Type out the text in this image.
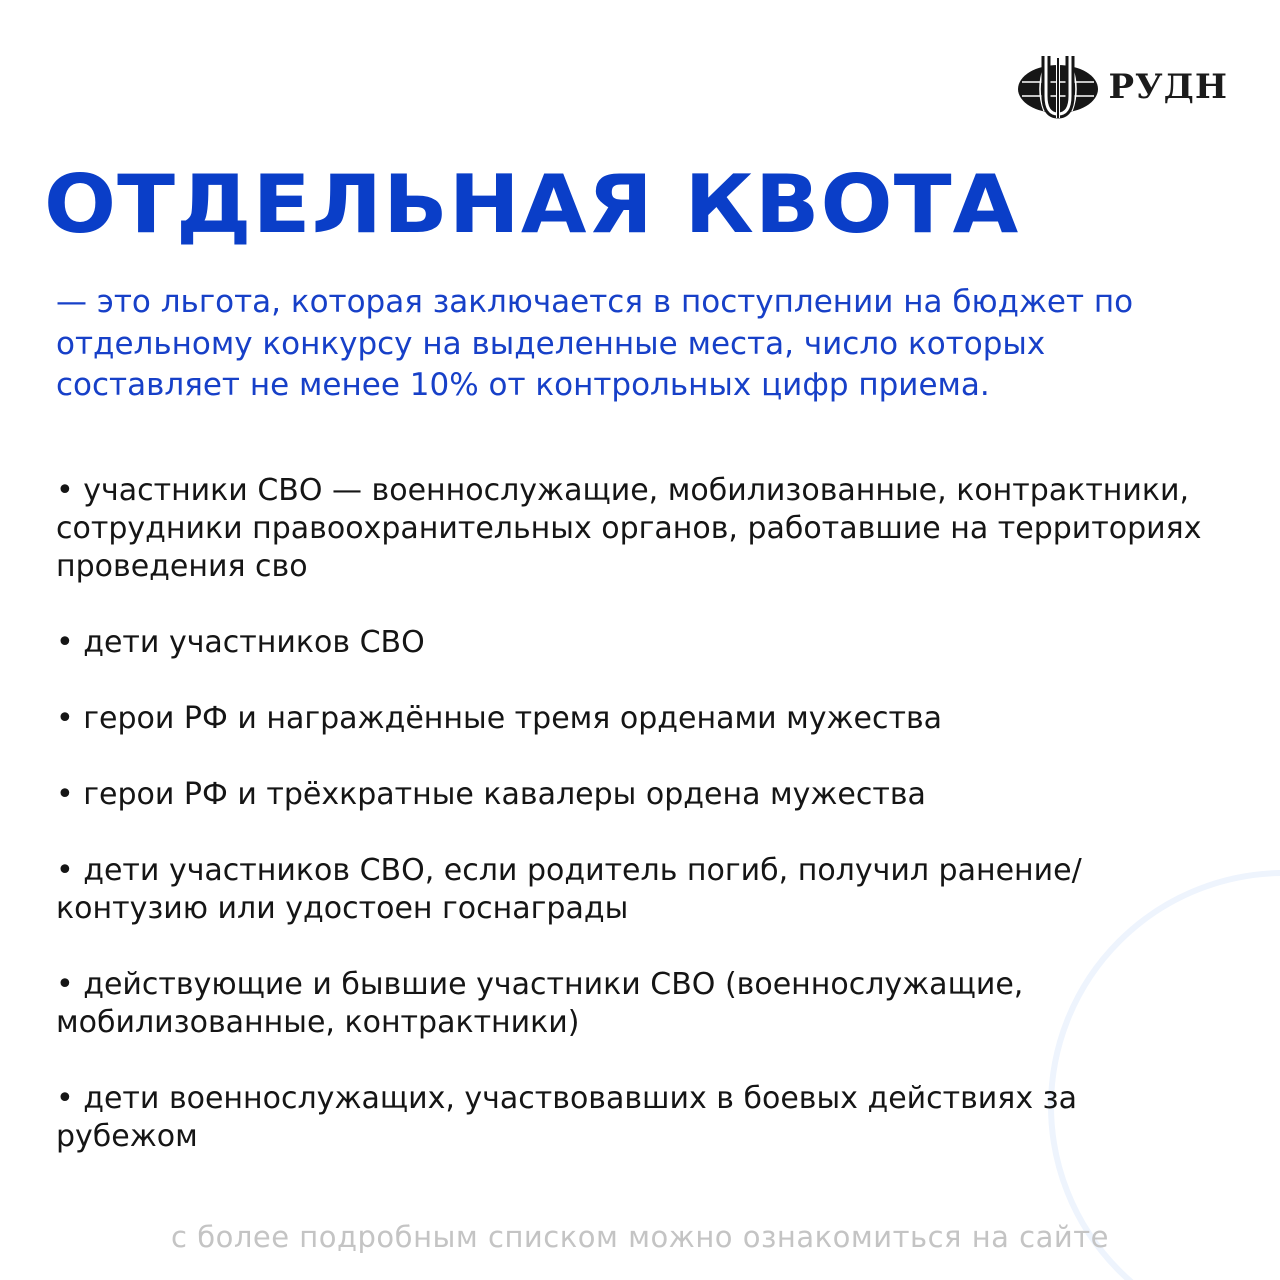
РУДН
ОТДЕЛЬНАЯ КВОТА

— это льгота, которая заключается в поступлении на бюджет по отдельному конкурсу на выделенные места, число которых составляет не менее 10% от контрольных цифр приема.

• участники СВО — военнослужащие, мобилизованные, контрактники, сотрудники правоохранительных органов, работавшие на территориях проведения сво
• дети участников СВО
• герои РФ и награждённые тремя орденами мужества
• герои РФ и трёхкратные кавалеры ордена мужества
• дети участников СВО, если родитель погиб, получил ранение/контузию или удостоен госнаграды
• действующие и бывшие участники СВО (военнослужащие, мобилизованные, контрактники)
• дети военнослужащих, участвовавших в боевых действиях за рубежом
с более подробным списком можно ознакомиться на сайте
